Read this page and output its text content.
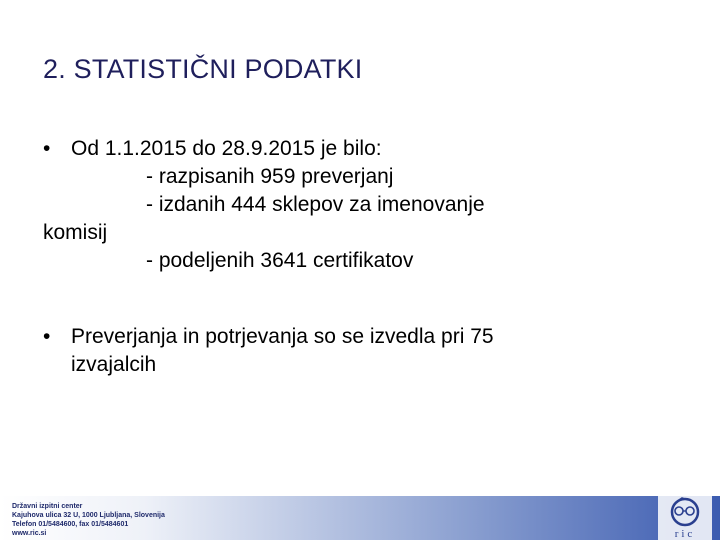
2. STATISTIČNI PODATKI
• Od 1.1.2015 do 28.9.2015 je bilo:
- razpisanih 959 preverjanj
- izdanih 444 sklepov za imenovanje
komisij
- podeljenih 3641 certifikatov
• Preverjanja in potrjevanja so se izvedla pri 75
izvajalcih
Državni izpitni center
Kajuhova ulica 32 U, 1000 Ljubljana, Slovenija
Telefon 01/5484600, fax 01/5484601
www.ric.si	ric
